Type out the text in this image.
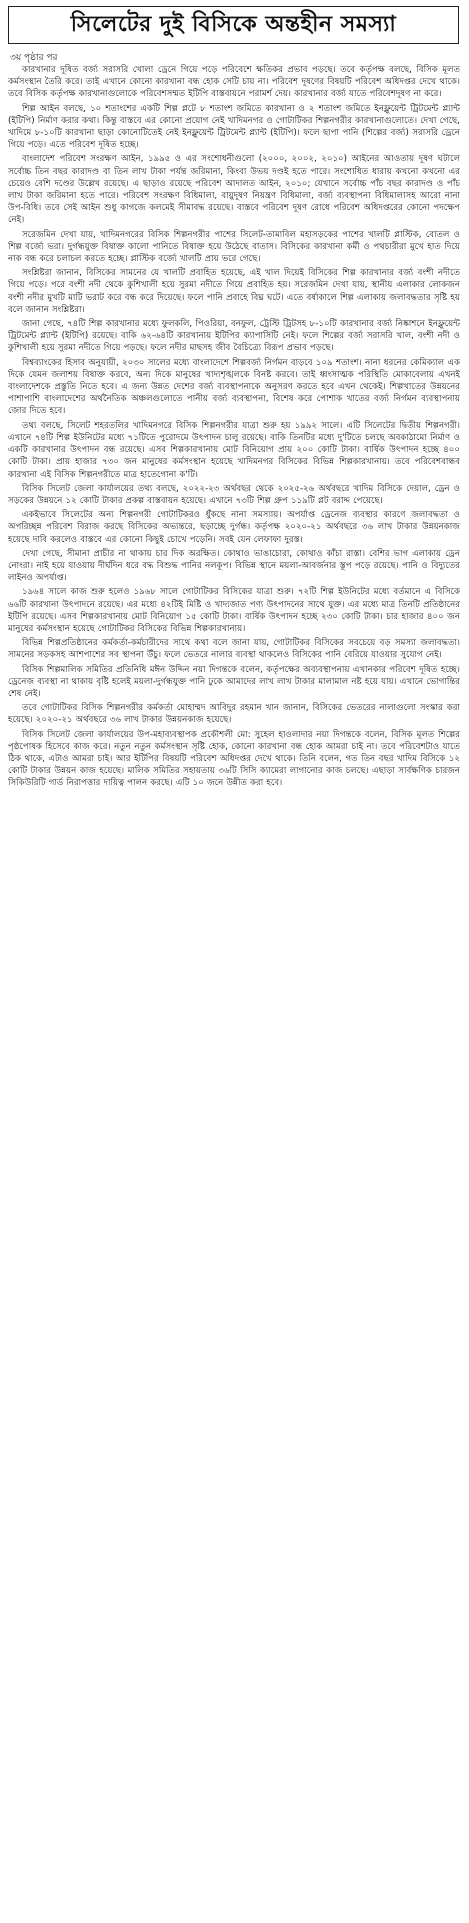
সিলেটের দুই বিসিকে অন্তহীন সমস্যা
৩য় পৃষ্ঠার পর

কারখানার দূষিত বর্জ্য সরাসরি খোলা ড্রেনে গিয়ে পড়ে পরিবেশে ক্ষতিকর প্রভাব পড়ছে। তবে কর্তৃপক্ষ বলছে, বিসিক মূলত কর্মসংস্থান তৈরি করে। তাই এখানে কোনো কারখানা বন্ধ হোক সেটি চায় না। পরিবেশ দূষণের বিষয়টি পরিবেশ অধিদপ্তর দেখে থাকে। তবে বিসিক কর্তৃপক্ষ কারখানাগুলোকে পরিবেশসম্মত ইটিপি বাস্তবায়নে পরামর্শ দেয়। কারখানার বর্জ্য যাতে পরিবেশদূষণ না করে।

শিল্প আইন বলছে, ১০ শতাংশের একটি শিল্প প্লটে ৮ শতাংশ জমিতে কারখানা ও ২ শতাংশ জমিতে ইনফ্লুয়েন্ট ট্রিটমেন্ট প্ল্যান্ট (ইটিপি) নির্মাণ করার কথা। কিন্তু বাস্তবে এর কোনো প্রয়োগ নেই খাদিমনগর ও গোটাটিকর শিল্পনগরীর কারখানাগুলোতে। দেখা গেছে, খাদিমে ৮-১০টি কারখানা ছাড়া কোনোটিতেই নেই ইনফ্লুয়েন্ট ট্রিটমেন্ট প্ল্যান্ট (ইটিপি)। ফলে ছাপা পানি (শিল্পের বর্জ্য) সরাসরি ড্রেনে গিয়ে পড়ে। এতে পরিবেশ দূষিত হচ্ছে।

বাংলাদেশ পরিবেশ সংরক্ষণ আইন, ১৯৯৫ ও এর সংশোধনীগুলো (২০০০, ২০০২, ২০১০) আইনের আওতায় দূষণ ঘটালে সর্বোচ্চ তিন বছর কারাদণ্ড বা তিন লাখ টাকা পর্যন্ত জরিমানা, কিংবা উভয় দণ্ডই হতে পারে। সংশোধিত ধারায় কখনো কখনো এর চেয়েও বেশি দণ্ডের উল্লেখ রয়েছে। এ ছাড়াও রয়েছে পরিবেশ আদালত আইন, ২০১০; যেখানে সর্বোচ্চ পাঁচ বছর কারাদণ্ড ও পাঁচ লাখ টাকা জরিমানা হতে পারে। পরিবেশ সংরক্ষণ বিধিমালা, বায়ুদূষণ নিয়ন্ত্রণ বিধিমালা, বর্জ্য ব্যবস্থাপনা বিধিমালাসহ আরো নানা উপ-বিধি। তবে সেই আইন শুধু কাগজে কলমেই সীমাবদ্ধ রয়েছে। বাস্তবে পরিবেশ দূষণ রোধে পরিবেশ অধিদপ্তরের কোনো পদক্ষেপ নেই।

সরেজমিন দেখা যায়, খাদিমনগরের বিসিক শিল্পনগরীর পাশের সিলেট-তামাবিল মহাসড়কের পাশের খালটি প্লাস্টিক, বোতল ও শিল্প বর্জ্যে ভরা। দুর্গন্ধযুক্ত বিষাক্ত কালো পানিতে বিষাক্ত হয়ে উঠেছে বাতাস। বিসিকের কারখানা কর্মী ও পথচারীরা মুখে হাত দিয়ে নাক বন্ধ করে চলাচল করতে হচ্ছে। প্লাস্টিক বর্জ্যে খালটি প্রায় ভরে গেছে।

সংশ্লিষ্টরা জানান, বিসিকের সামনের যে খালটি প্রবাহিত হয়েছে, এই খাল দিয়েই বিসিকের শিল্প কারখানার বর্জ্য বংশী নদীতে গিয়ে পড়ে। পরে বংশী নদী থেকে কুশিখালী হয়ে সুরমা নদীতে গিয়ে প্রবাহিত হয়। সরেজমিন দেখা যায়, স্থানীয় এলাকার লোকজন বংশী নদীর মুখটি মাটি ভরাট করে বন্ধ করে দিয়েছে। ফলে পানি প্রবাহে বিঘ্ন ঘটে। এতে বর্ষাকালে শিল্প এলাকায় জলাবদ্ধতার সৃষ্টি হয় বলে জানান সংশ্লিষ্টরা।

জানা গেছে, ৭৪টি শিল্প কারখানার মধ্যে ফুলকলি, পিওরিয়া, বনফুল, ট্রেস্টি ট্রিটসহ ৮-১০টি কারখানার বর্জ্য নিষ্কাশনে ইনফ্লুয়েন্ট ট্রিটমেন্ট প্ল্যান্ট (ইটিপি) রয়েছে। বাকি ৬২-৬৪টি কারখানায় ইটিপির ক্যাপাসিটি নেই। ফলে শিল্পের বর্জ্য সরাসরি খাল, বংশী নদী ও কুশিখালী হয়ে সুরমা নদীতে গিয়ে পড়ছে। ফলে নদীর মাছসহ জীব বৈচিত্র্যে বিরূপ প্রভাব পড়ছে।

বিশ্বব্যাংকের হিসাব অনুযায়ী, ২০৩০ সালের মধ্যে বাংলাদেশে শিল্পবর্জ্য নির্গমন বাড়বে ১০৯ শতাংশ। নানা ধরনের কেমিক্যাল এক দিকে যেমন জলাশয় বিষাক্ত করবে, অন্য দিকে মানুষের খাদ্যশৃঙ্খলকে বিনষ্ট করবে। তাই ধ্বংসাত্মক পরিস্থিতি মোকাবেলায় এখনই বাংলাদেশকে প্রস্তুতি নিতে হবে। এ জন্য উন্নত দেশের বর্জ্য ব্যবস্থাপনাকে অনুসরণ করতে হবে এখন থেকেই। শিল্পখাতের উন্নয়নের পাশাপাশি বাংলাদেশের অর্থনৈতিক অঞ্চলগুলোতে পানীয় বর্জ্য ব্যবস্থাপনা, বিশেষ করে পোশাক খাতের বর্জ্য নির্গমন ব্যবস্থাপনায় জোর দিতে হবে।

তথ্য বলছে, সিলেট শহরতলির খাদিমনগরে বিসিক শিল্পনগরীর যাত্রা শুরু হয় ১৯৯২ সালে। এটি সিলেটের দ্বিতীয় শিল্পনগরী। এখানে ৭৪টি শিল্প ইউনিটের মধ্যে ৭১টিতে পুরোদমে উৎপাদন চালু রয়েছে। বাকি তিনটির মধ্যে দু'টিতে চলছে অবকাঠামো নির্মাণ ও একটি কারখানার উৎপাদন বন্ধ রয়েছে। এসব শিল্পকারখানায় মোট বিনিয়োগ প্রায় ২০০ কোটি টাকা। বার্ষিক উৎপাদন হচ্ছে ৪০০ কোটি টাকা। প্রায় হাজার ৭৩০ জন মানুষের কর্মসংস্থান হয়েছে খাদিমনগর বিসিকের বিভিন্ন শিল্পকারখানায়। তবে পরিবেশবান্ধব কারখানা এই বিসিক শিল্পনগরীতে মাত্র হাতেগোনা ক'টি।

বিসিক সিলেট জেলা কার্যালয়ের তথ্য বলছে, ২০২২-২৩ অর্থবছর থেকে ২০২৫-২৬ অর্থবছরে খাদিম বিসিকে দেয়াল, ড্রেন ও সড়কের উন্নয়নে ১২ কোটি টাকার প্রকল্প বাস্তবায়ন হয়েছে। এখানে ৭৩টি শিল্প গ্রুপ ১১৯টি প্লট বরাদ্দ পেয়েছে।

একইভাবে সিলেটের অন্য শিল্পনগরী গোটাটিকরও ধুঁকছে নানা সমস্যায়। অপর্যাপ্ত ড্রেনেজ ব্যবস্থার কারণে জলাবদ্ধতা ও অপরিচ্ছন্ন পরিবেশ বিরাজ করছে বিসিকের অভ্যন্তরে, ছড়াচ্ছে দুর্গন্ধ। কর্তৃপক্ষ ২০২০-২১ অর্থবছরে ৩৬ লাখ টাকার উন্নয়নকাজ হয়েছে দাবি করলেও বাস্তবে এর কোনো কিছুই চোখে পড়েনি। সবই যেন লেফাফা দুরস্ত।

দেখা গেছে, সীমানা প্রাচীর না থাকায় চার দিক অরক্ষিত। কোথাও ভাঙাচোরা, কোথাও কাঁচা রাস্তা। বেশির ভাগ এলাকায় ড্রেন নোংরা। নাই হয়ে যাওয়ায় দীর্ঘদিন ধরে বদ্ধ বিশুদ্ধ পানির নলকূপ। বিভিন্ন স্থানে ময়লা-আবর্জনার স্তূপ পড়ে রয়েছে। পানি ও বিদ্যুতের লাইনও অপর্যাপ্ত।

১৯৬৪ সালে কাজ শুরু হলেও ১৯৬৮ সালে গোটাটিকর বিসিকের যাত্রা শুরু। ৭২টি শিল্প ইউনিটের মধ্যে বর্তমানে এ বিসিকে ৬৬টি কারখানা উৎপাদনে রয়েছে। এর মধ্যে ৪২টিই মিষ্টি ও খাদ্যজাত পণ্য উৎপাদনের সাথে যুক্ত। এর মধ্যে মাত্র তিনটি প্রতিষ্ঠানের ইটিপি রয়েছে। এসব শিল্পকারখানায় মোট বিনিয়োগ ১৫ কোটি টাকা। বার্ষিক উৎপাদন হচ্ছে ২৩০ কোটি টাকা। চার হাজার ৪০০ জন মানুষের কর্মসংস্থান হয়েছে গোটাটিকর বিসিকের বিভিন্ন শিল্পকারখানায়।

বিভিন্ন শিল্পপ্রতিষ্ঠানের কর্মকর্তা-কর্মচারীদের সাথে কথা বলে জানা যায়, গোটাটিকর বিসিকের সবচেয়ে বড় সমস্যা জলাবদ্ধতা। সামনের সড়কসহ আশপাশের সব স্থাপনা উঁচু। ফলে ভেতরে নালার ব্যবস্থা থাকলেও বিসিকের পানি বেরিয়ে যাওয়ার সুযোগ নেই।

বিসিক শিল্পমালিক সমিতির প্রতিনিধি মঈন উদ্দিন নয়া দিগন্তকে বলেন, কর্তৃপক্ষের অব্যবস্থাপনায় এখানকার পরিবেশ দূষিত হচ্ছে। ড্রেনেজ ব্যবস্থা না থাকায় বৃষ্টি হলেই ময়লা-দুর্গন্ধযুক্ত পানি ঢুকে আমাদের লাখ লাখ টাকার মালামাল নষ্ট হয়ে যায়। এখানে ভোগান্তির শেষ নেই।

তবে গোটাটিকর বিসিক শিল্পনগরীর কর্মকর্তা মোহাম্মদ আবিদুর রহমান খান জানান, বিসিকের ভেতরের নালাগুলো সংস্কার করা হয়েছে। ২০২০-২১ অর্থবছরে ৩৬ লাখ টাকার উন্নয়নকাজ হয়েছে।

বিসিক সিলেট জেলা কার্যালয়ের উপ-মহাব্যবস্থাপক প্রকৌশলী মো: সুহেল হাওলাদার নয়া দিগন্তকে বলেন, বিসিক মূলত শিল্পের পৃষ্ঠপোষক হিসেবে কাজ করে। নতুন নতুন কর্মসংস্থান সৃষ্টি হোক, কোনো কারখানা বন্ধ হোক আমরা চাই না। তবে পরিবেশটাও যাতে ঠিক থাকে, এটাও আমরা চাই। আর ইটিপির বিষয়টি পরিবেশ অধিদপ্তর দেখে থাকে। তিনি বলেন, গত তিন বছর খাদিম বিসিকে ১২ কোটি টাকার উন্নয়ন কাজ হয়েছে। মালিক সমিতির সহায়তায় ৩৬টি সিসি ক্যামেরা লাগানোর কাজ চলছে। এছাড়া সার্বক্ষণিক চারজন সিকিউরিটি গার্ড নিরাপত্তার দায়িত্ব পালন করছে। এটি ১০ জনে উন্নীত করা হবে।
